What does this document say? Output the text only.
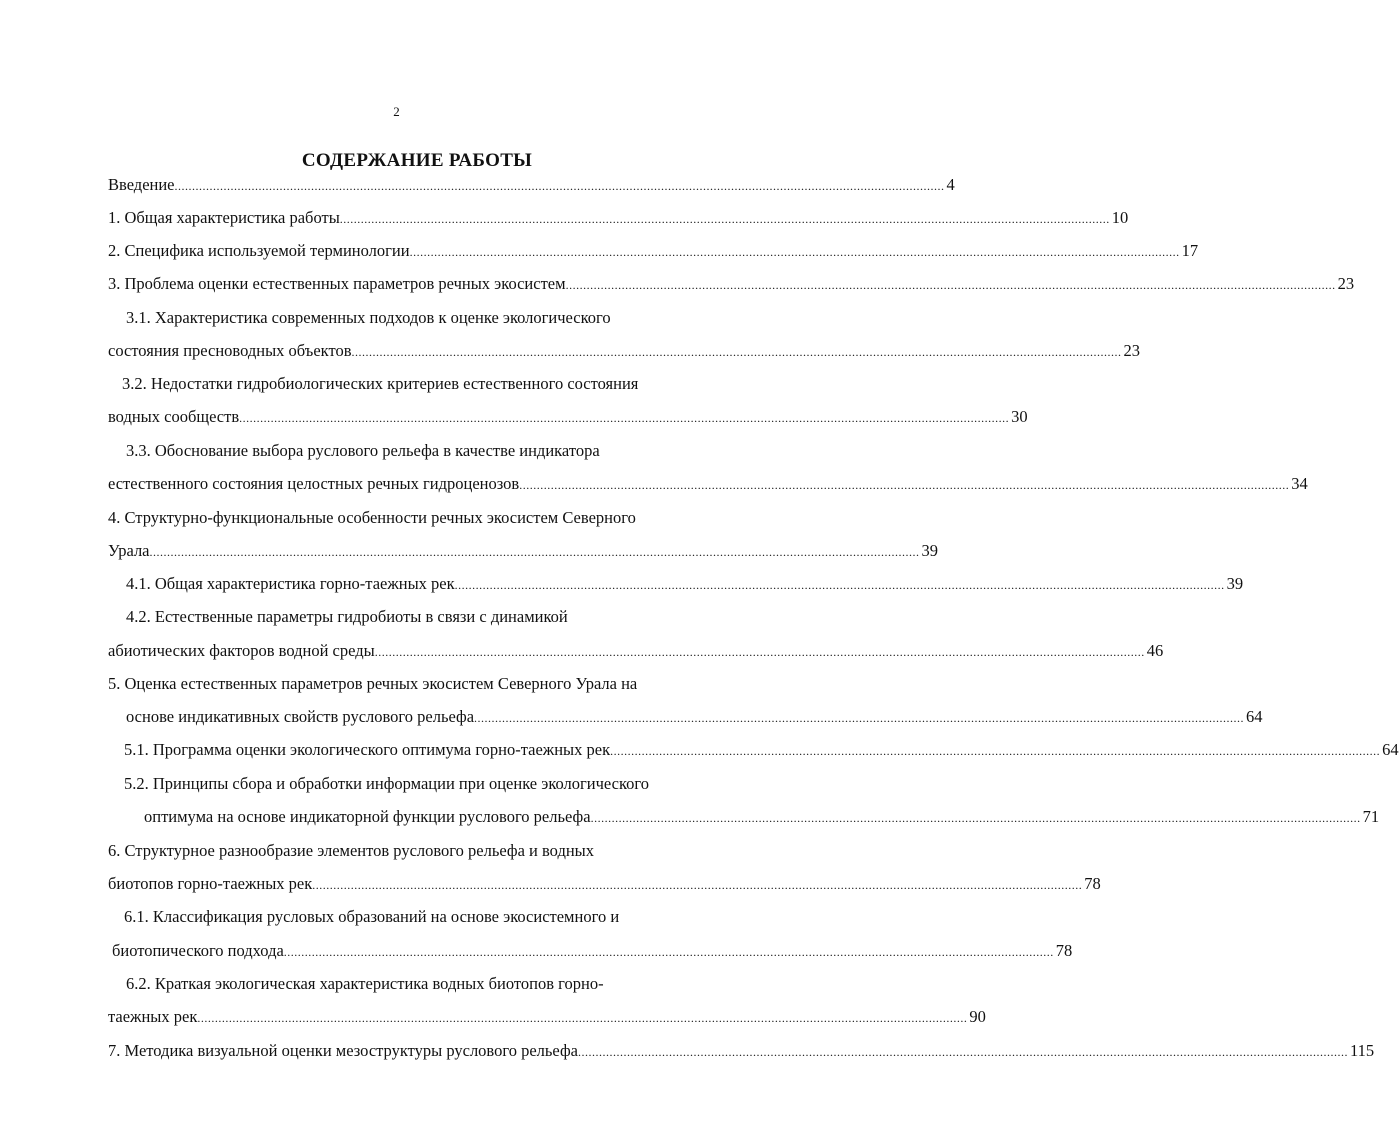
2
СОДЕРЖАНИЕ РАБОТЫ
Введение ............................................................................................................................................................................................................................ 4
1. Общая характеристика работы ............................................................................................................................................................................................................................ 10
2. Специфика используемой терминологии ............................................................................................................................................................................................................................ 17
3. Проблема оценки естественных параметров речных экосистем ............................................................................................................................................................................................................................ 23
3.1. Характеристика современных подходов к оценке экологического
состояния пресноводных объектов ............................................................................................................................................................................................................................ 23
3.2. Недостатки гидробиологических критериев естественного состояния
водных сообществ ............................................................................................................................................................................................................................ 30
3.3. Обоснование выбора руслового рельефа в качестве индикатора
естественного состояния целостных речных гидроценозов ............................................................................................................................................................................................................................ 34
4. Структурно-функциональные особенности речных экосистем Северного
Урала ............................................................................................................................................................................................................................ 39
4.1. Общая характеристика горно-таежных рек ............................................................................................................................................................................................................................ 39
4.2. Естественные параметры гидробиоты в связи с динамикой
абиотических факторов водной среды ............................................................................................................................................................................................................................ 46
5. Оценка естественных параметров речных экосистем Северного Урала на
основе индикативных свойств руслового рельефа ............................................................................................................................................................................................................................ 64
5.1. Программа оценки экологического оптимума горно-таежных рек ............................................................................................................................................................................................................................ 64
5.2. Принципы сбора и обработки информации при оценке экологического
оптимума на основе индикаторной функции руслового рельефа ............................................................................................................................................................................................................................ 71
6. Структурное разнообразие элементов руслового рельефа и водных
биотопов горно-таежных рек ............................................................................................................................................................................................................................ 78
6.1. Классификация русловых образований на основе экосистемного и
биотопического подхода ............................................................................................................................................................................................................................ 78
6.2. Краткая экологическая характеристика водных биотопов горно-
таежных рек ............................................................................................................................................................................................................................ 90
7. Методика визуальной оценки мезоструктуры руслового рельефа ............................................................................................................................................................................................................................ 115
